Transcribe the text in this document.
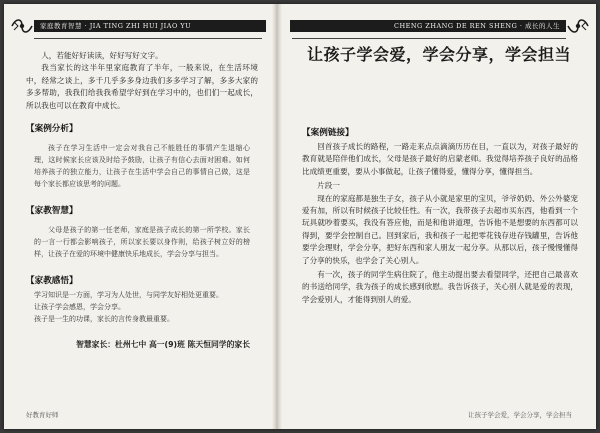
家庭教育智慧 · JIA TING ZHI HUI JIAO YU

人，若能好好读读，好好写好文字。

我当家长的这半年里家庭教育了半年，一般来说，在生活环境中，经常之谈上，多千几乎多多身边我们多多学习了解，多多大家的多多帮助，我我们给我我希望学好到在学习中的，也们们一起成长，所以我也可以在教育中成长。

【案例分析】
孩子在学习生活中一定会对我自己不能胜任的事情产生退缩心理，这时候家长应该及时给予鼓励，让孩子有信心去面对困难。如何培养孩子的独立能力，让孩子在生活中学会自己的事情自己做，这是每个家长都应该思考的问题。
【家教智慧】
父母是孩子的第一任老师，家庭是孩子成长的第一所学校。家长的一言一行都会影响孩子，所以家长要以身作则，给孩子树立好的榜样，让孩子在爱的环境中健康快乐地成长，学会分享与担当。
【家教感悟】
学习知识是一方面，学习为人处世，与同学友好相处更重要。
让孩子学会感恩，学会分享。
孩子是一生的功课，家长的言传身教最重要。
智慧家长：杜州七中 高一(9)班 陈天恒同学的家长
好教育好师
CHENG ZHANG DE REN SHENG · 成长的人生
让孩子学会爱，学会分享，学会担当
【案例链接】

回首孩子成长的路程，一路走来点点滴滴历历在目，一直以为，对孩子最好的教育就是陪伴他们成长，父母是孩子最好的启蒙老师。我觉得培养孩子良好的品格比成绩更重要，要从小事做起，让孩子懂得爱，懂得分享，懂得担当。

片段一

现在的家庭都是独生子女，孩子从小就是家里的宝贝，爷爷奶奶、外公外婆宠爱有加，所以有时候孩子比较任性。有一次，我带孩子去超市买东西，他看到一个玩具就吵着要买，我没有答应他，而是和他讲道理，告诉他不是想要的东西都可以得到，要学会控制自己。回到家后，我和孩子一起把零花钱存进存钱罐里，告诉他要学会理财，学会分享，把好东西和家人朋友一起分享。从那以后，孩子慢慢懂得了分享的快乐，也学会了关心别人。

有一次，孩子的同学生病住院了，他主动提出要去看望同学，还把自己最喜欢的书送给同学，我为孩子的成长感到欣慰。我告诉孩子，关心别人就是爱的表现，学会爱别人，才能得到别人的爱。

让孩子学会爱，学会分享，学会担当
